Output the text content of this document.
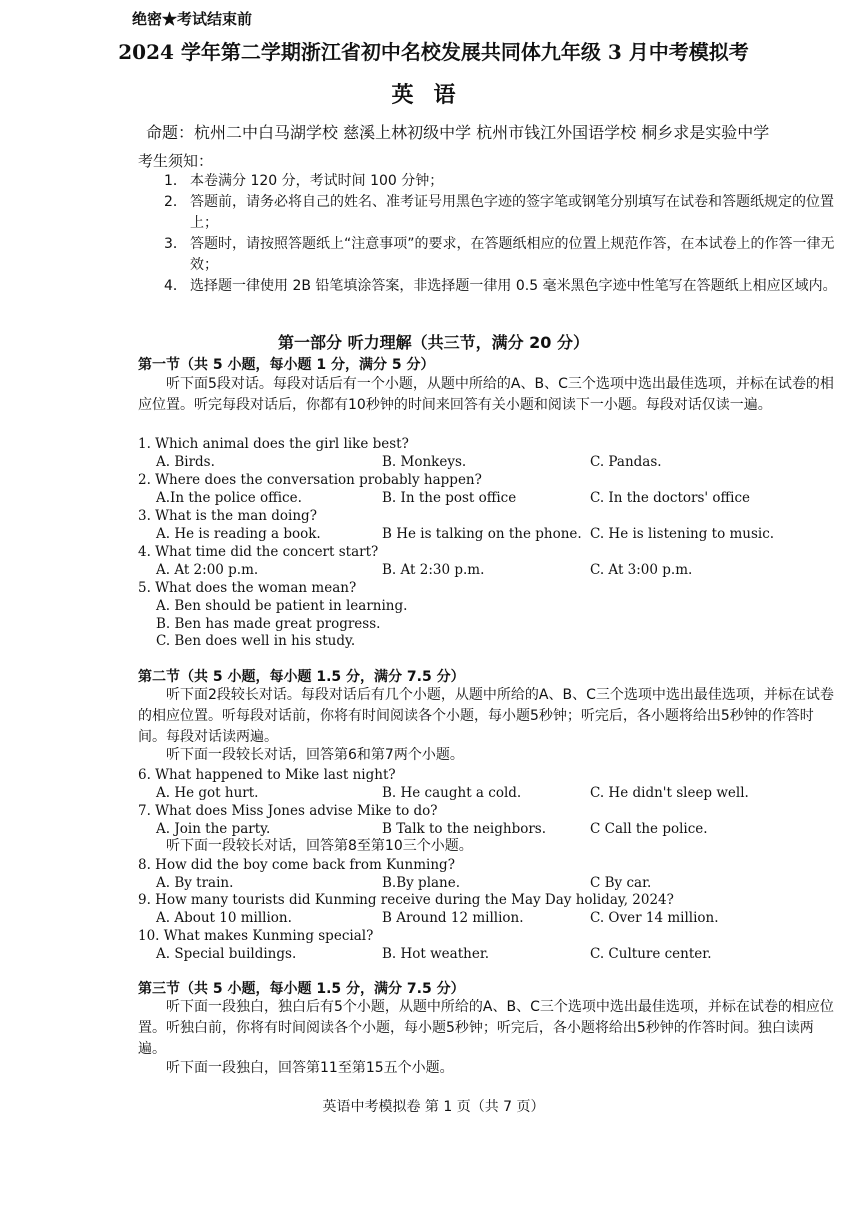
绝密★考试结束前
2024 学年第二学期浙江省初中名校发展共同体九年级 3 月中考模拟考
英语
命题：杭州二中白马湖学校 慈溪上林初级中学 杭州市钱江外国语学校 桐乡求是实验中学
考生须知：
1． 本卷满分 120 分，考试时间 100 分钟；
2． 答题前，请务必将自己的姓名、准考证号用黑色字迹的签字笔或钢笔分别填写在试卷和答题纸规定的位置上；
3． 答题时，请按照答题纸上“注意事项”的要求，在答题纸相应的位置上规范作答，在本试卷上的作答一律无效；
4． 选择题一律使用 2B 铅笔填涂答案，非选择题一律用 0.5 毫米黑色字迹中性笔写在答题纸上相应区域内。
第一部分 听力理解（共三节，满分 20 分）
第一节（共 5 小题，每小题 1 分，满分 5 分）
听下面5段对话。每段对话后有一个小题，从题中所给的A、B、C三个选项中选出最佳选项，并标在试卷的相应位置。听完每段对话后，你都有10秒钟的时间来回答有关小题和阅读下一小题。每段对话仅读一遍。
1. Which animal does the girl like best?
A. Birds.	B. Monkeys.	C. Pandas.
2. Where does the conversation probably happen?
A.In the police office.	B. In the post office	C. In the doctors' office
3. What is the man doing?
A. He is reading a book.	B He is talking on the phone. C. He is listening to music.
4. What time did the concert start?
A. At 2:00 p.m.	B. At 2:30 p.m.	C. At 3:00 p.m.
5. What does the woman mean?
A. Ben should be patient in learning.
B. Ben has made great progress.
C. Ben does well in his study.
第二节（共 5 小题，每小题 1.5 分，满分 7.5 分）
听下面2段较长对话。每段对话后有几个小题，从题中所给的A、B、C三个选项中选出最佳选项，并标在试卷的相应位置。听每段对话前，你将有时间阅读各个小题，每小题5秒钟；听完后，各小题将给出5秒钟的作答时间。每段对话读两遍。
听下面一段较长对话，回答第6和第7两个小题。
6. What happened to Mike last night?
A. He got hurt.	B. He caught a cold.	C. He didn't sleep well.
7. What does Miss Jones advise Mike to do?
A. Join the party.	B Talk to the neighbors.	C Call the police.
听下面一段较长对话，回答第8至第10三个小题。
8. How did the boy come back from Kunming?
A. By train.	B.By plane.	C By car.
9. How many tourists did Kunming receive during the May Day holiday, 2024?
A. About 10 million.	B Around 12 million.	C. Over 14 million.
10. What makes Kunming special?
A. Special buildings.	B. Hot weather.	C. Culture center.
第三节（共 5 小题，每小题 1.5 分，满分 7.5 分）
听下面一段独白，独白后有5个小题，从题中所给的A、B、C三个选项中选出最佳选项，并标在试卷的相应位置。听独白前，你将有时间阅读各个小题，每小题5秒钟；听完后，各小题将给出5秒钟的作答时间。独白读两遍。
听下面一段独白，回答第11至第15五个小题。
英语中考模拟卷 第 1 页（共 7 页）
